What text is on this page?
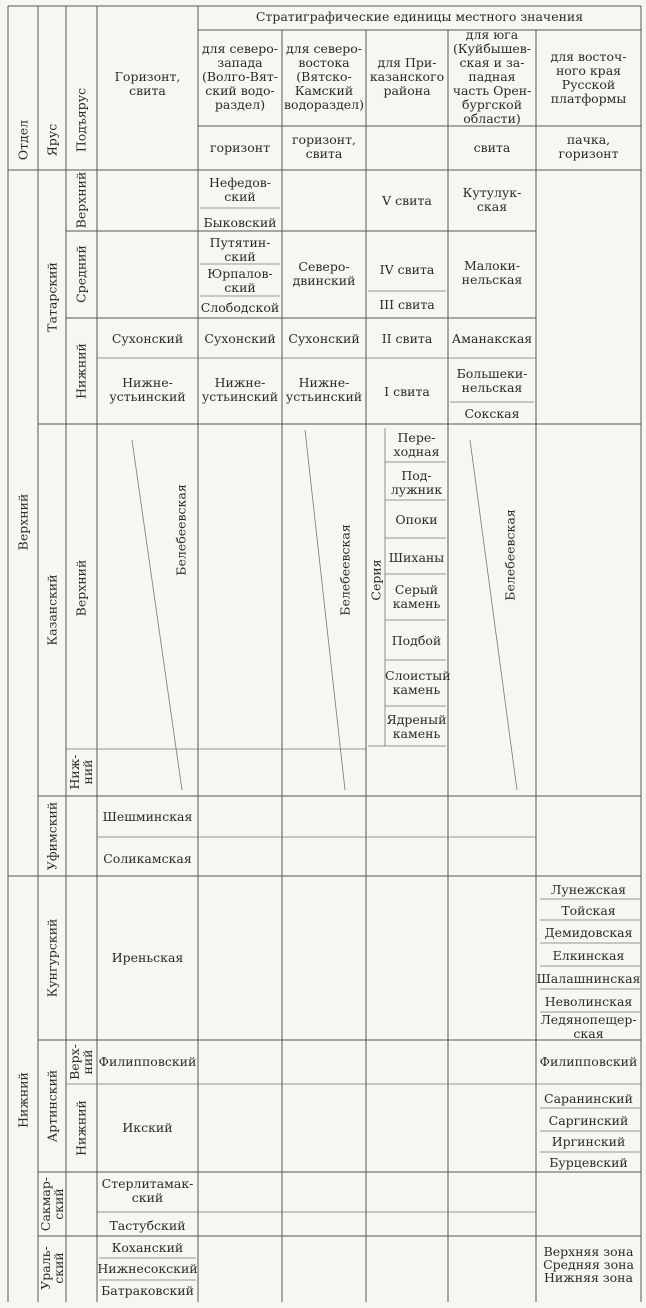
Стратиграфические единицы местного значения
Отдел Ярус Подъярус
Горизонт,
свита
для северо-
запада
(Волго-Вят-
ский водо-
раздел)
для северо-
востока
(Вятско-
Камский
водораздел)
для При-
казанского
района
для юга
(Куйбышев-
ская и за-
падная
часть Орен-
бургской
области)
для восточ-
ного края
Русской
платформы
горизонт
горизонт,
свита	свита
пачка,
горизонт
Верхний
Нижний
Татарский
Казанский
Уфимский
Кунгурский
Артинский
Сакмар-
ский
Ураль-
ский
Верхний
Средний
Нижний
Верхний
Ниж-
ний
Верх-
ний
Нижний
Сухонский
Нижне-
устьинский
Белебеевская
Шешминская
Соликамская
Иреньская
Филипповский
Икский
Стерлитамак-
ский
Тастубский
Коханский
Нижнесокский
Батраковский
Нефедов-
ский
Быковский
Путятин-
ский
Юрпалов-
ский
Слободской
Сухонский
Нижне-
устьинский
Северо-
двинский
Сухонский
Нижне-
устьинский
Белебеевская
V свита
IV свита
III свита
II свита
I свита
Серия
Пере-
ходная
Под-
лужник
Опоки
Шиханы
Серый
камень
Подбой
Слоистый
камень
Ядреный
камень
Кутулук-
ская
Малоки-
нельская
Аманакская
Большеки-
нельская
Сокская
Белебеевская
Лунежская
Тойская
Демидовская
Елкинская
Шалашнинская
Неволинская
Ледянопещер-
ская
Филипповский
Саранинский
Саргинский
Иргинский
Бурцевский
Верхняя зона
Средняя зона
Нижняя зона
